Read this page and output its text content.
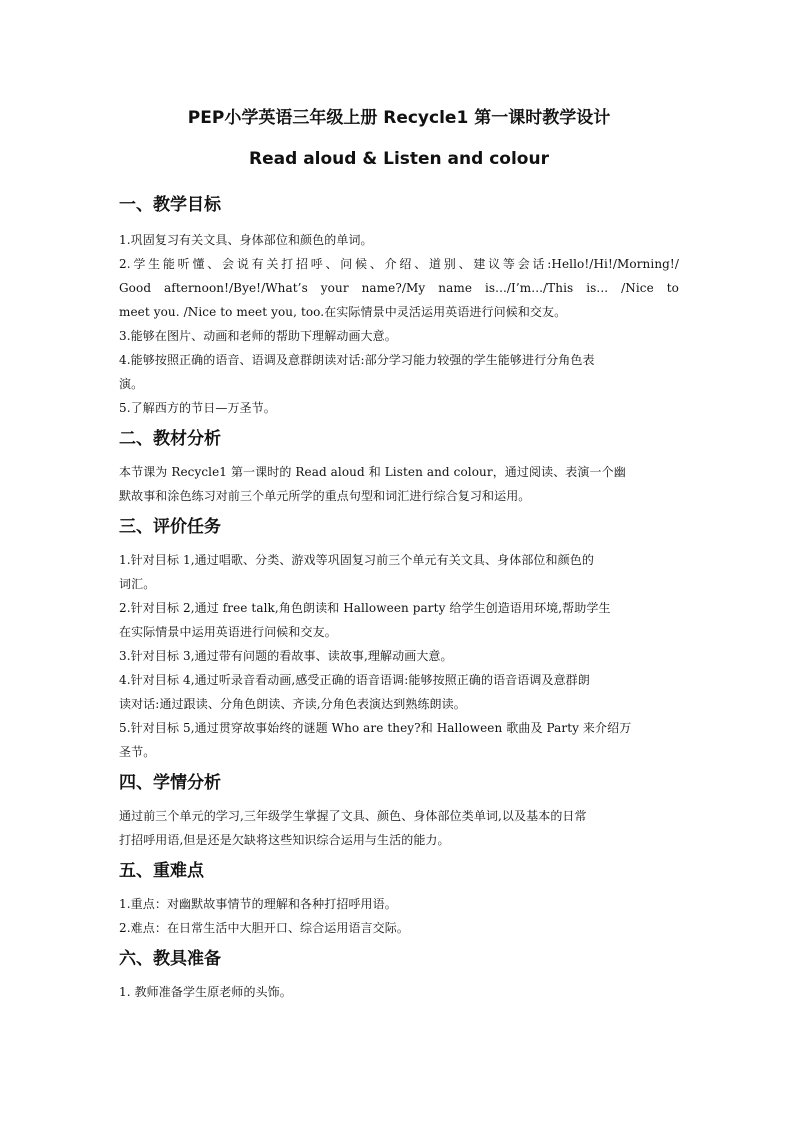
PEP小学英语三年级上册 Recycle1 第一课时教学设计
Read aloud & Listen and colour
一、教学目标
1.巩固复习有关文具、身体部位和颜色的单词。
2.学生能听懂、会说有关打招呼、问候、介绍、道别、建议等会话:Hello!/Hi!/Morning!/
Good afternoon!/Bye!/What’s your name?/My name is.../I’m.../This is... /Nice to
meet you. /Nice to meet you, too.在实际情景中灵活运用英语进行问候和交友。
3.能够在图片、动画和老师的帮助下理解动画大意。
4.能够按照正确的语音、语调及意群朗读对话:部分学习能力较强的学生能够进行分角色表
演。
5.了解西方的节日—万圣节。
二、教材分析
本节课为 Recycle1 第一课时的 Read aloud 和 Listen and colour，通过阅读、表演一个幽
默故事和涂色练习对前三个单元所学的重点句型和词汇进行综合复习和运用。
三、评价任务
1.针对目标 1,通过唱歌、分类、游戏等巩固复习前三个单元有关文具、身体部位和颜色的
词汇。
2.针对目标 2,通过 free talk,角色朗读和 Halloween party 给学生创造语用环境,帮助学生
在实际情景中运用英语进行问候和交友。
3.针对目标 3,通过带有问题的看故事、读故事,理解动画大意。
4.针对目标 4,通过听录音看动画,感受正确的语音语调:能够按照正确的语音语调及意群朗
读对话:通过跟读、分角色朗读、齐读,分角色表演达到熟练朗读。
5.针对目标 5,通过贯穿故事始终的谜题 Who are they?和 Halloween 歌曲及 Party 来介绍万
圣节。
四、学情分析
通过前三个单元的学习,三年级学生掌握了文具、颜色、身体部位类单词,以及基本的日常
打招呼用语,但是还是欠缺将这些知识综合运用与生活的能力。
五、重难点
1.重点：对幽默故事情节的理解和各种打招呼用语。
2.难点：在日常生活中大胆开口、综合运用语言交际。
六、教具准备
1. 教师准备学生原老师的头饰。
